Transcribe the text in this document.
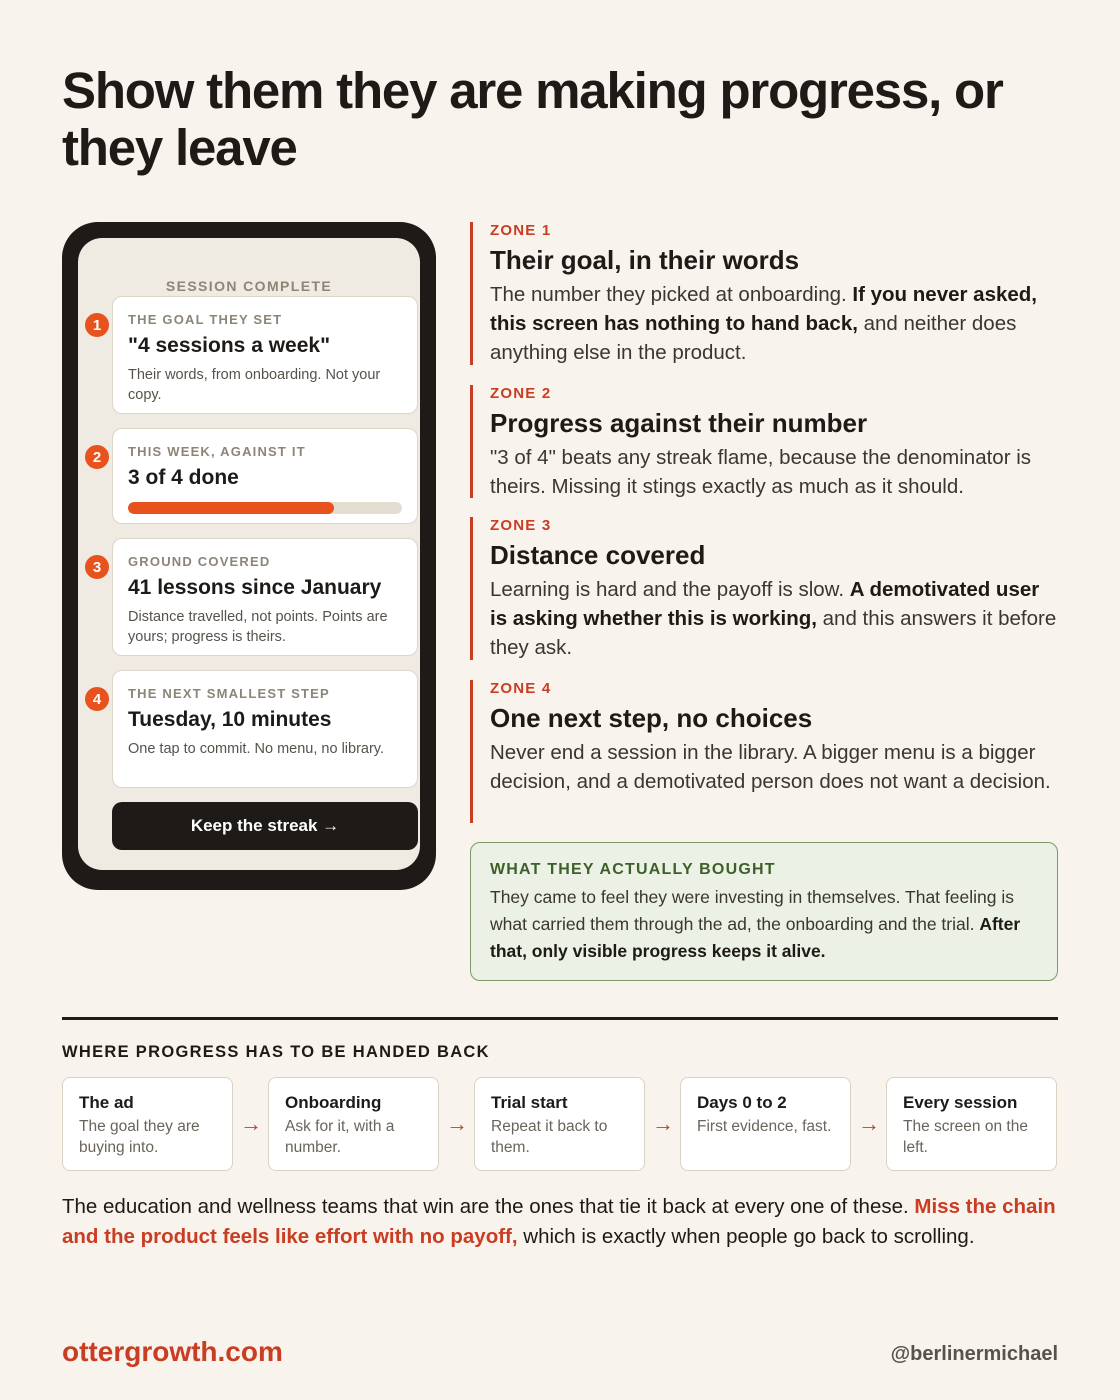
Show them they are making progress, or they leave
SESSION COMPLETE
1	THE GOAL THEY SET
"4 sessions a week"
Their words, from onboarding. Not your copy.
2	THIS WEEK, AGAINST IT
3 of 4 done
3	GROUND COVERED
41 lessons since January
Distance travelled, not points. Points are yours; progress is theirs.
4	THE NEXT SMALLEST STEP
Tuesday, 10 minutes
One tap to commit. No menu, no library.
Keep the streak →
ZONE 1
Their goal, in their words
The number they picked at onboarding. If you never asked, this screen has nothing to hand back, and neither does anything else in the product.
ZONE 2
Progress against their number
"3 of 4" beats any streak flame, because the denominator is theirs. Missing it stings exactly as much as it should.
ZONE 3
Distance covered
Learning is hard and the payoff is slow. A demotivated user is asking whether this is working, and this answers it before they ask.
ZONE 4
One next step, no choices
Never end a session in the library. A bigger menu is a bigger decision, and a demotivated person does not want a decision.
WHAT THEY ACTUALLY BOUGHT
They came to feel they were investing in themselves. That feeling is what carried them through the ad, the onboarding and the trial. After that, only visible progress keeps it alive.
WHERE PROGRESS HAS TO BE HANDED BACK
The ad
The goal they are buying into.
→
Onboarding
Ask for it, with a number.
→
Trial start
Repeat it back to them.
→
Days 0 to 2
First evidence, fast.	→
Every session
The screen on the left.
The education and wellness teams that win are the ones that tie it back at every one of these. Miss the chain and the product feels like effort with no payoff, which is exactly when people go back to scrolling.
ottergrowth.com	@berlinermichael
